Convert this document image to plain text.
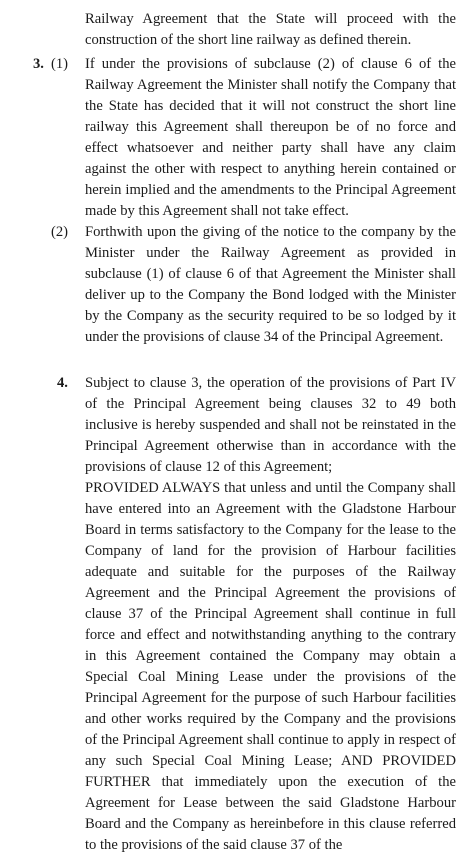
Railway Agreement that the State will proceed with the construction of the short line railway as defined therein.

3. (1) If under the provisions of subclause (2) of clause 6 of the Railway Agreement the Minister shall notify the Company that the State has decided that it will not construct the short line railway this Agreement shall thereupon be of no force and effect whatsoever and neither party shall have any claim against the other with respect to anything herein contained or herein implied and the amendments to the Principal Agreement made by this Agreement shall not take effect.

(2) Forthwith upon the giving of the notice to the company by the Minister under the Railway Agreement as provided in subclause (1) of clause 6 of that Agreement the Minister shall deliver up to the Company the Bond lodged with the Minister by the Company as the security required to be so lodged by it under the provisions of clause 34 of the Principal Agreement.

4. Subject to clause 3, the operation of the provisions of Part IV of the Principal Agreement being clauses 32 to 49 both inclusive is hereby suspended and shall not be reinstated in the Principal Agreement otherwise than in accordance with the provisions of clause 12 of this Agreement;

PROVIDED ALWAYS that unless and until the Company shall have entered into an Agreement with the Gladstone Harbour Board in terms satisfactory to the Company for the lease to the Company of land for the provision of Harbour facilities adequate and suitable for the purposes of the Railway Agreement and the Principal Agreement the provisions of clause 37 of the Principal Agreement shall continue in full force and effect and notwithstanding anything to the contrary in this Agreement contained the Company may obtain a Special Coal Mining Lease under the provisions of the Principal Agreement for the purpose of such Harbour facilities and other works required by the Company and the provisions of the Principal Agreement shall continue to apply in respect of any such Special Coal Mining Lease; AND PROVIDED FURTHER that immediately upon the execution of the Agreement for Lease between the said Gladstone Harbour Board and the Company as hereinbefore in this clause referred to the provisions of the said clause 37 of the
